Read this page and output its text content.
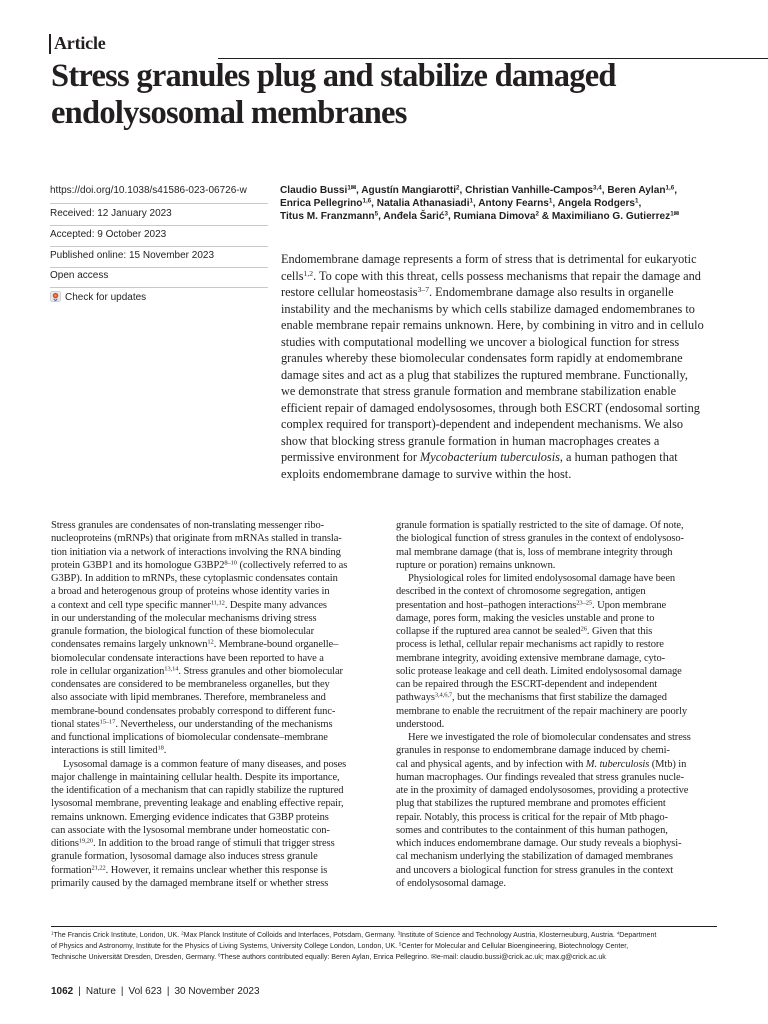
Article
Stress granules plug and stabilize damaged
endolysosomal membranes
https://doi.org/10.1038/s41586-023-06726-w
Received: 12 January 2023
Accepted: 9 October 2023
Published online: 15 November 2023
Open access
Check for updates
Claudio Bussi$^{1✉}$, Agustín Mangiarotti$^2$, Christian Vanhille-Campos$^{3,4}$, Beren Aylan$^{1,6}$,
Enrica Pellegrino$^{1,6}$, Natalia Athanasiadi$^1$, Antony Fearns$^1$, Angela Rodgers$^1$,
Titus M. Franzmann$^5$, Anđela Šarić$^3$, Rumiana Dimova$^2$ & Maximiliano G. Gutierrez$^{1✉}$
Endomembrane damage represents a form of stress that is detrimental for eukaryotic
cells$^{1,2}$. To cope with this threat, cells possess mechanisms that repair the damage and
restore cellular homeostasis$^{3-7}$. Endomembrane damage also results in organelle
instability and the mechanisms by which cells stabilize damaged endomembranes to
enable membrane repair remains unknown. Here, by combining in vitro and in cellulo
studies with computational modelling we uncover a biological function for stress
granules whereby these biomolecular condensates form rapidly at endomembrane
damage sites and act as a plug that stabilizes the ruptured membrane. Functionally,
we demonstrate that stress granule formation and membrane stabilization enable
efficient repair of damaged endolysosomes, through both ESCRT (endosomal sorting
complex required for transport)-dependent and independent mechanisms. We also
show that blocking stress granule formation in human macrophages creates a
permissive environment for Mycobacterium tuberculosis, a human pathogen that
exploits endomembrane damage to survive within the host.
Stress granules are condensates of non-translating messenger ribo-
nucleoproteins (mRNPs) that originate from mRNAs stalled in transla-
tion initiation via a network of interactions involving the RNA binding
protein G3BP1 and its homologue G3BP2$^{8-10}$ (collectively referred to as
G3BP). In addition to mRNPs, these cytoplasmic condensates contain
a broad and heterogenous group of proteins whose identity varies in
a context and cell type specific manner$^{11,12}$. Despite many advances
in our understanding of the molecular mechanisms driving stress
granule formation, the biological function of these biomolecular
condensates remains largely unknown$^{12}$. Membrane-bound organelle–
biomolecular condensate interactions have been reported to have a
role in cellular organization$^{13,14}$. Stress granules and other biomolecular
condensates are considered to be membraneless organelles, but they
also associate with lipid membranes. Therefore, membraneless and
membrane-bound condensates probably correspond to different func-
tional states$^{15-17}$. Nevertheless, our understanding of the mechanisms
and functional implications of biomolecular condensate–membrane
interactions is still limited$^{18}$.
Lysosomal damage is a common feature of many diseases, and poses
major challenge in maintaining cellular health. Despite its importance,
the identification of a mechanism that can rapidly stabilize the ruptured
lysosomal membrane, preventing leakage and enabling effective repair,
remains unknown. Emerging evidence indicates that G3BP proteins
can associate with the lysosomal membrane under homeostatic con-
ditions$^{19,20}$. In addition to the broad range of stimuli that trigger stress
granule formation, lysosomal damage also induces stress granule
formation$^{21,22}$. However, it remains unclear whether this response is
primarily caused by the damaged membrane itself or whether stress
granule formation is spatially restricted to the site of damage. Of note,
the biological function of stress granules in the context of endolysoso-
mal membrane damage (that is, loss of membrane integrity through
rupture or poration) remains unknown.
Physiological roles for limited endolysosomal damage have been
described in the context of chromosome segregation, antigen
presentation and host–pathogen interactions$^{23-25}$. Upon membrane
damage, pores form, making the vesicles unstable and prone to
collapse if the ruptured area cannot be sealed$^{26}$. Given that this
process is lethal, cellular repair mechanisms act rapidly to restore
membrane integrity, avoiding extensive membrane damage, cyto-
solic protease leakage and cell death. Limited endolysosomal damage
can be repaired through the ESCRT-dependent and independent
pathways$^{3,4,6,7}$, but the mechanisms that first stabilize the damaged
membrane to enable the recruitment of the repair machinery are poorly
understood.
Here we investigated the role of biomolecular condensates and stress
granules in response to endomembrane damage induced by chemi-
cal and physical agents, and by infection with M. tuberculosis (Mtb) in
human macrophages. Our findings revealed that stress granules nucle-
ate in the proximity of damaged endolysosomes, providing a protective
plug that stabilizes the ruptured membrane and promotes efficient
repair. Notably, this process is critical for the repair of Mtb phago-
somes and contributes to the containment of this human pathogen,
which induces endomembrane damage. Our study reveals a biophysi-
cal mechanism underlying the stabilization of damaged membranes
and uncovers a biological function for stress granules in the context
of endolysosomal damage.
$^1$The Francis Crick Institute, London, UK. $^2$Max Planck Institute of Colloids and Interfaces, Potsdam, Germany. $^3$Institute of Science and Technology Austria, Klosterneuburg, Austria. $^4$Department
of Physics and Astronomy, Institute for the Physics of Living Systems, University College London, London, UK. $^5$Center for Molecular and Cellular Bioengineering, Biotechnology Center,
Technische Universität Dresden, Dresden, Germany. $^6$These authors contributed equally: Beren Aylan, Enrica Pellegrino. ✉e-mail: claudio.bussi@crick.ac.uk; max.g@crick.ac.uk
1062 | Nature | Vol 623 | 30 November 2023
